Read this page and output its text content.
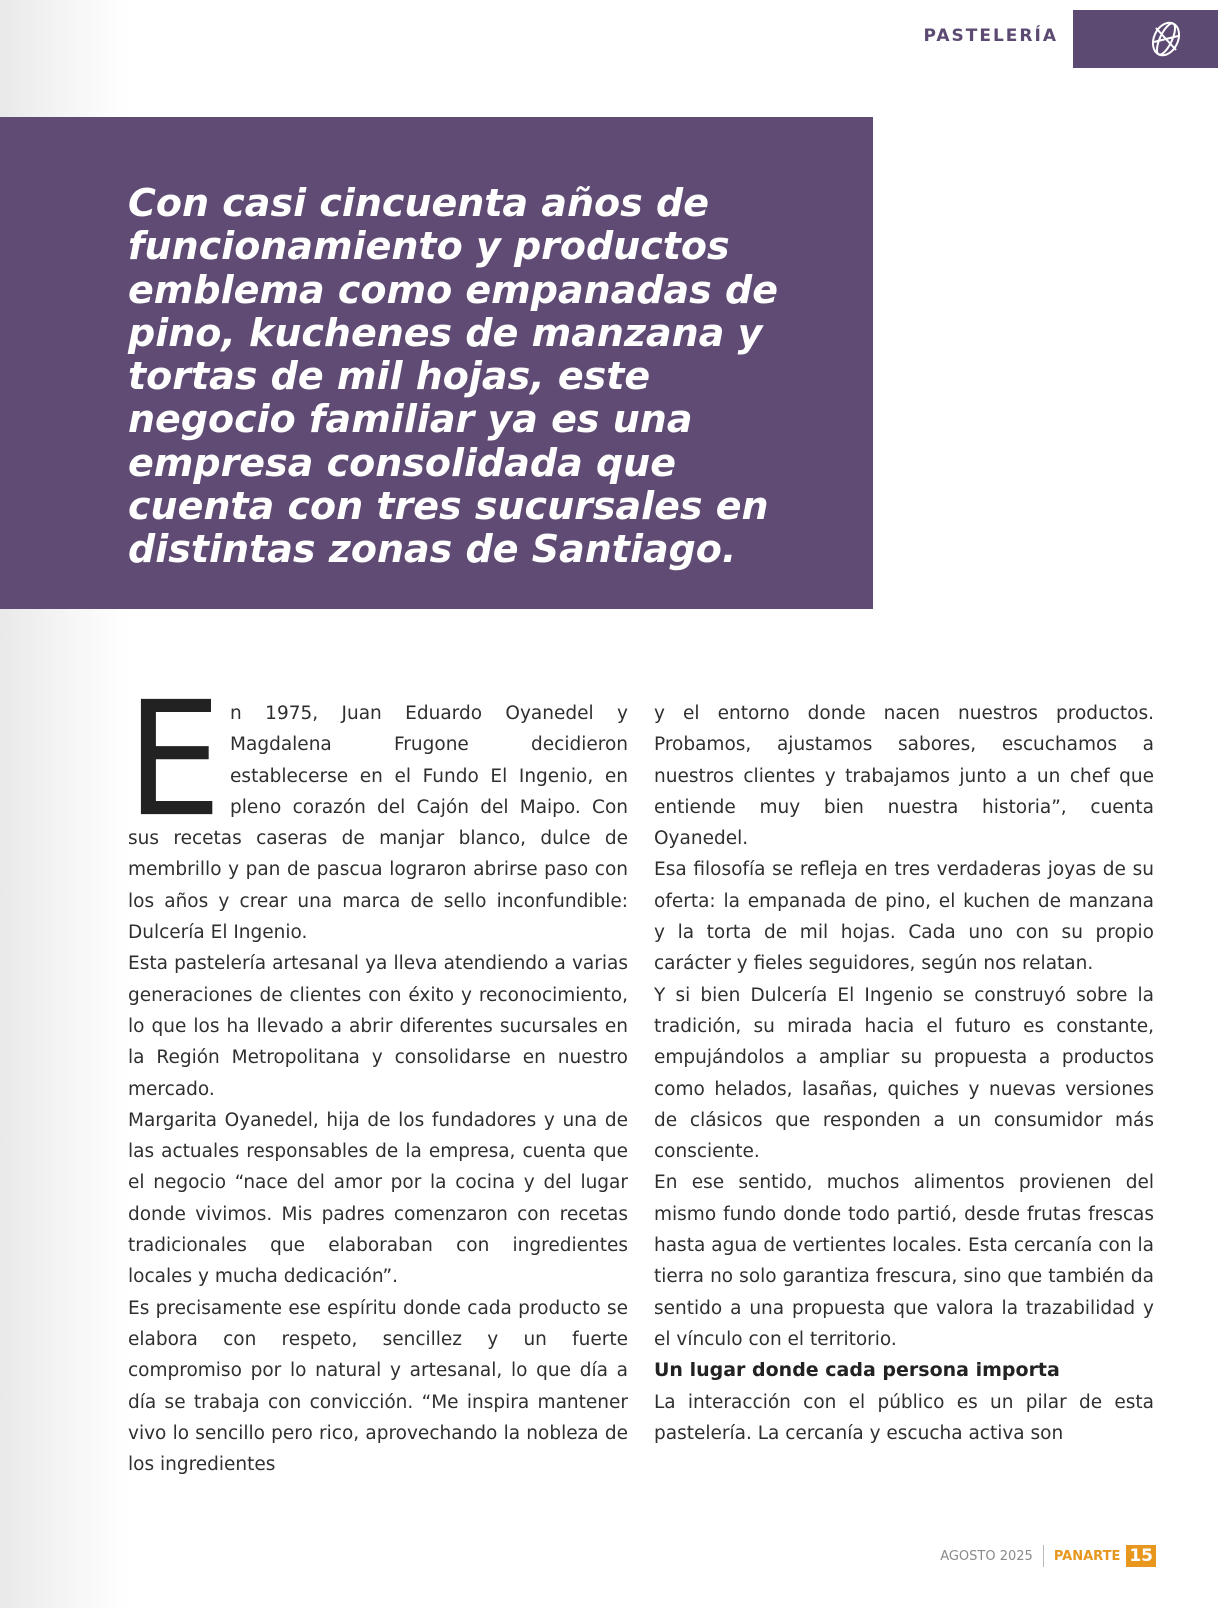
PASTELERÍA

Con casi cincuenta años de funcionamiento y productos emblema como empanadas de pino, kuchenes de manzana y tortas de mil hojas, este negocio familiar ya es una empresa consolidada que cuenta con tres sucursales en distintas zonas de Santiago.

En 1975, Juan Eduardo Oyanedel y Magdalena Frugone decidieron establecerse en el Fundo El Ingenio, en pleno corazón del Cajón del Maipo. Con sus recetas caseras de manjar blanco, dulce de membrillo y pan de pascua lograron abrirse paso con los años y crear una marca de sello inconfundible: Dulcería El Ingenio.

Esta pastelería artesanal ya lleva atendiendo a varias generaciones de clientes con éxito y reconocimiento, lo que los ha llevado a abrir diferentes sucursales en la Región Metropolitana y consolidarse en nuestro mercado.

Margarita Oyanedel, hija de los fundadores y una de las actuales responsables de la empresa, cuenta que el negocio “nace del amor por la cocina y del lugar donde vivimos. Mis padres comenzaron con recetas tradicionales que elaboraban con ingredientes locales y mucha dedicación”.

Es precisamente ese espíritu donde cada producto se elabora con respeto, sencillez y un fuerte compromiso por lo natural y artesanal, lo que día a día se trabaja con convicción. “Me inspira mantener vivo lo sencillo pero rico, aprovechando la nobleza de los ingredientes

y el entorno donde nacen nuestros productos. Probamos, ajustamos sabores, escuchamos a nuestros clientes y trabajamos junto a un chef que entiende muy bien nuestra historia”, cuenta Oyanedel.

Esa filosofía se refleja en tres verdaderas joyas de su oferta: la empanada de pino, el kuchen de manzana y la torta de mil hojas. Cada uno con su propio carácter y fieles seguidores, según nos relatan.

Y si bien Dulcería El Ingenio se construyó sobre la tradición, su mirada hacia el futuro es constante, empujándolos a ampliar su propuesta a productos como helados, lasañas, quiches y nuevas versiones de clásicos que responden a un consumidor más consciente.

En ese sentido, muchos alimentos provienen del mismo fundo donde todo partió, desde frutas frescas hasta agua de vertientes locales. Esta cercanía con la tierra no solo garantiza frescura, sino que también da sentido a una propuesta que valora la trazabilidad y el vínculo con el territorio.

Un lugar donde cada persona importa

La interacción con el público es un pilar de esta pastelería. La cercanía y escucha activa son

AGOSTO 2025 PANARTE 15
